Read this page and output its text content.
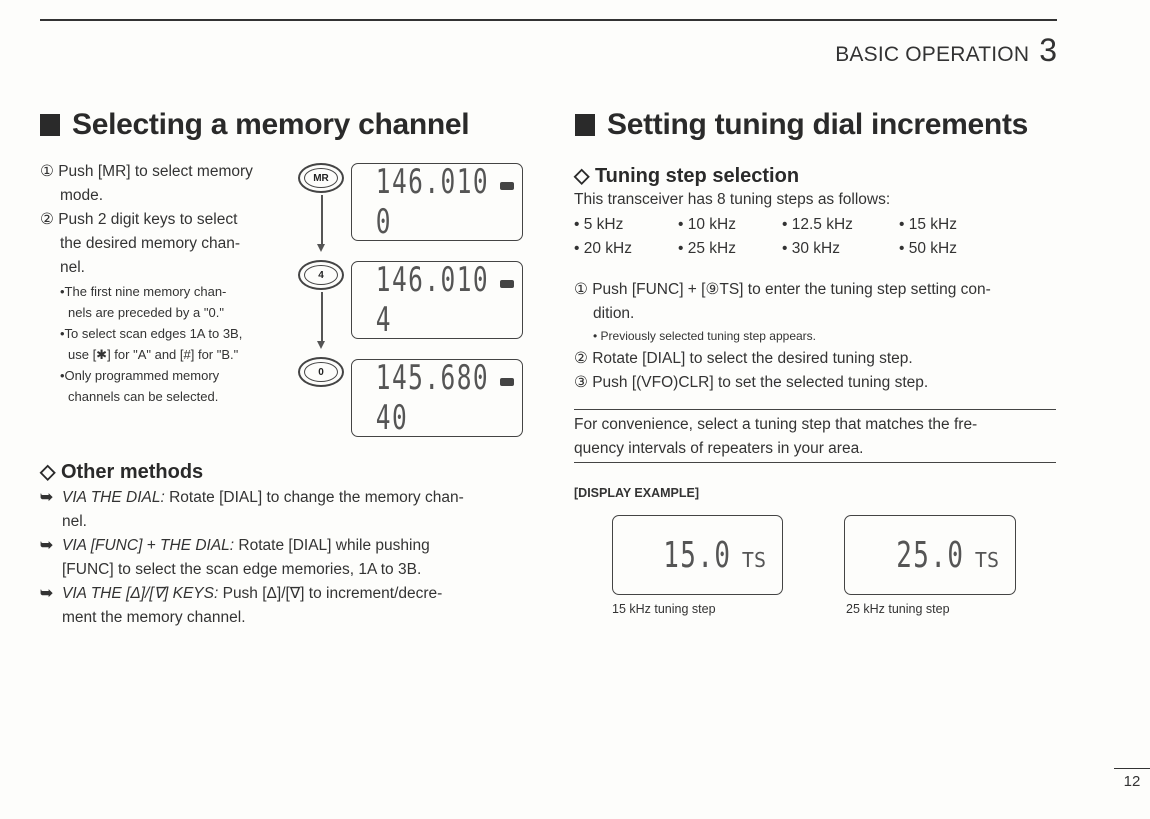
BASIC OPERATION 3
Selecting a memory channel
① Push [MR] to select memory
mode.
② Push 2 digit keys to select
the desired memory chan-
nel.
•The first nine memory chan-
nels are preceded by a "0."
•To select scan edges 1A to 3B,
use [✱] for "A" and [#] for "B."
•Only programmed memory
channels can be selected.
MR
4
0
146.010 0
146.010 4
145.680 40
◇ Other methods
➥ VIA THE DIAL: Rotate [DIAL] to change the memory chan-
nel.
➥ VIA [FUNC] + THE DIAL: Rotate [DIAL] while pushing
[FUNC] to select the scan edge memories, 1A to 3B.
➥ VIA THE [Δ]/[∇] KEYS: Push [Δ]/[∇] to increment/decre-
ment the memory channel.
Setting tuning dial increments
◇ Tuning step selection
This transceiver has 8 tuning steps as follows:
• 5 kHz	• 10 kHz	• 12.5 kHz	• 15 kHz
• 20 kHz	• 25 kHz	• 30 kHz	• 50 kHz
① Push [FUNC] + [⑨TS] to enter the tuning step setting con-
dition.
• Previously selected tuning step appears.
② Rotate [DIAL] to select the desired tuning step.
③ Push [(VFO)CLR] to set the selected tuning step.
For convenience, select a tuning step that matches the fre-
quency intervals of repeaters in your area.
[DISPLAY EXAMPLE]
15.0 TS
15 kHz tuning step
25.0 TS
25 kHz tuning step
12
